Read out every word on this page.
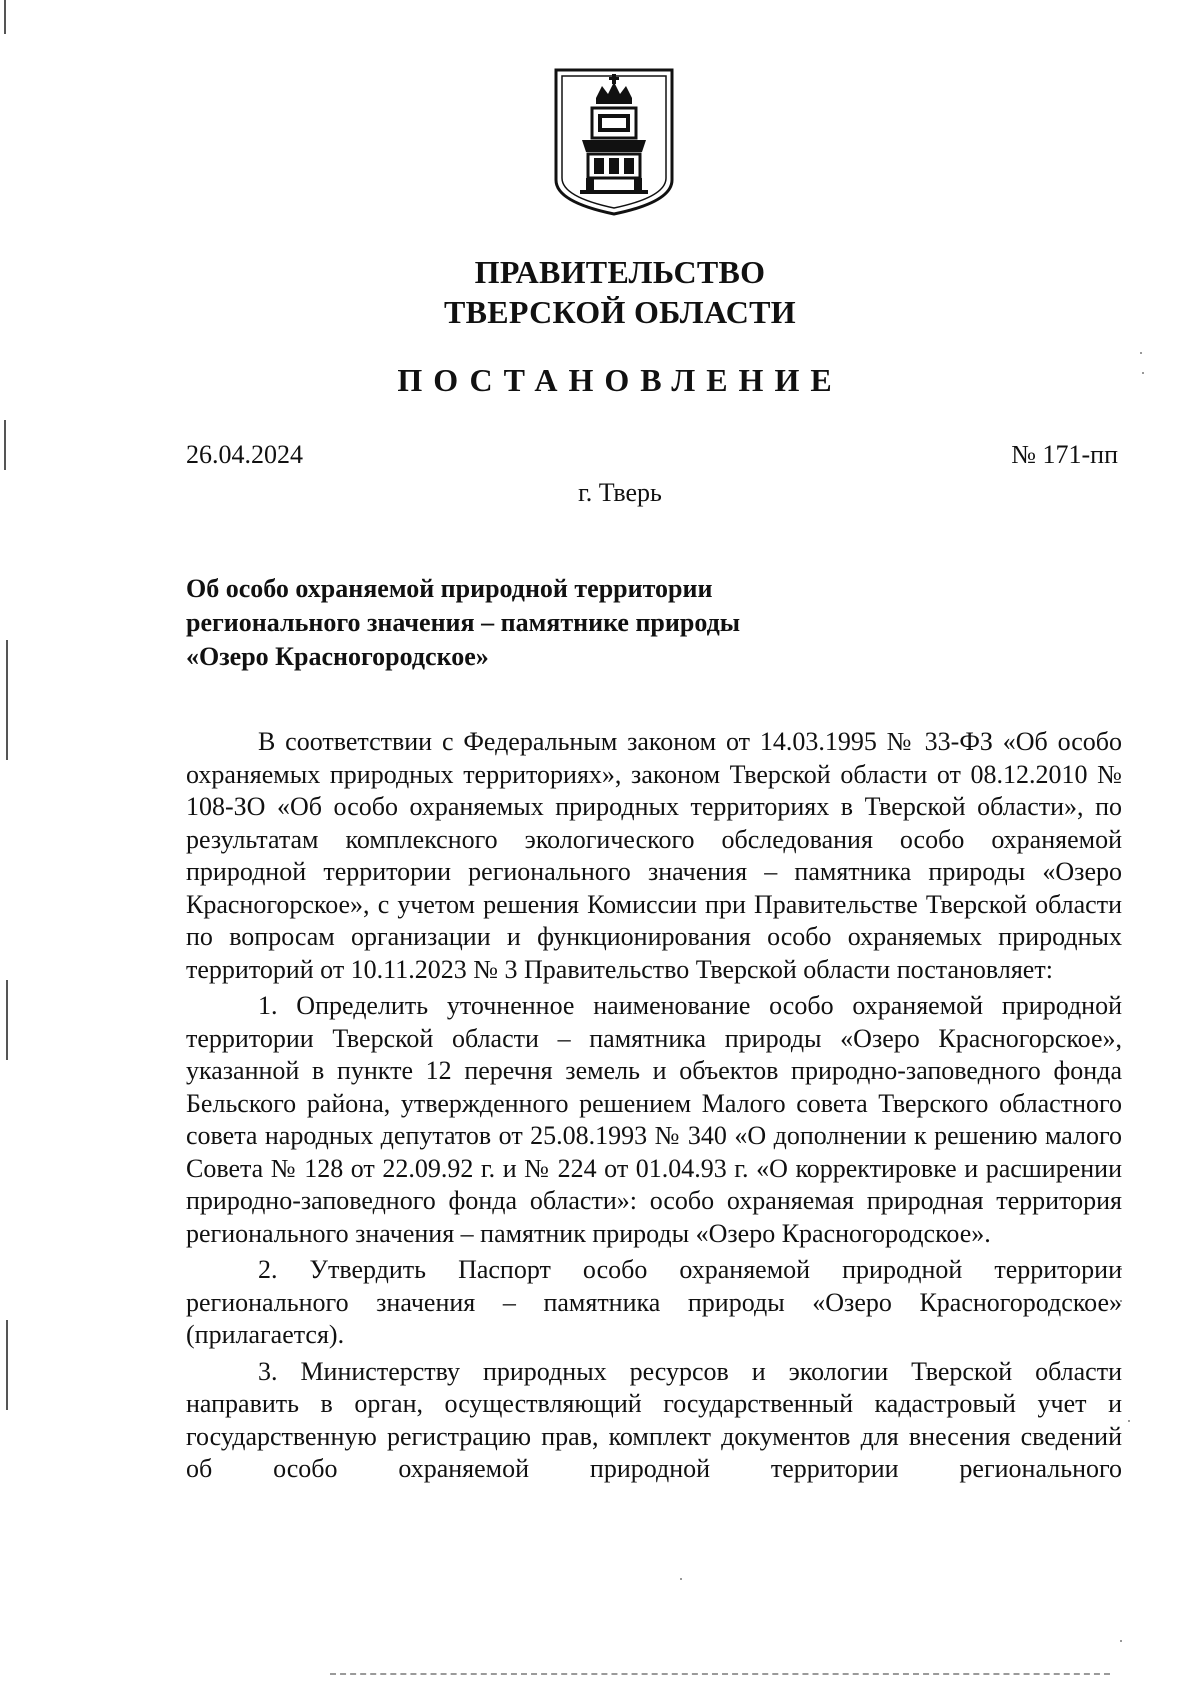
ПРАВИТЕЛЬСТВО
ТВЕРСКОЙ ОБЛАСТИ
ПОСТАНОВЛЕНИЕ
26.04.2024	№ 171-пп
г. Тверь
Об особо охраняемой природной территории
регионального значения – памятнике природы
«Озеро Красногородское»

В соответствии с Федеральным законом от 14.03.1995 № 33-ФЗ «Об особо охраняемых природных территориях», законом Тверской области от 08.12.2010 № 108-ЗО «Об особо охраняемых природных территориях в Тверской области», по результатам комплексного экологического обследования особо охраняемой природной территории регионального значения – памятника природы «Озеро Красногорское», с учетом решения Комиссии при Правительстве Тверской области по вопросам организации и функционирования особо охраняемых природных территорий от 10.11.2023 № 3 Правительство Тверской области постановляет:

1. Определить уточненное наименование особо охраняемой природной территории Тверской области – памятника природы «Озеро Красногорское», указанной в пункте 12 перечня земель и объектов природно-заповедного фонда Бельского района, утвержденного решением Малого совета Тверского областного совета народных депутатов от 25.08.1993 № 340 «О дополнении к решению малого Совета № 128 от 22.09.92 г. и № 224 от 01.04.93 г. «О корректировке и расширении природно-заповедного фонда области»: особо охраняемая природная территория регионального значения – памятник природы «Озеро Красногородское».

2. Утвердить Паспорт особо охраняемой природной территории регионального значения – памятника природы «Озеро Красногородское» (прилагается).

3. Министерству природных ресурсов и экологии Тверской области направить в орган, осуществляющий государственный кадастровый учет и государственную регистрацию прав, комплект документов для внесения сведений об особо охраняемой природной территории регионального
